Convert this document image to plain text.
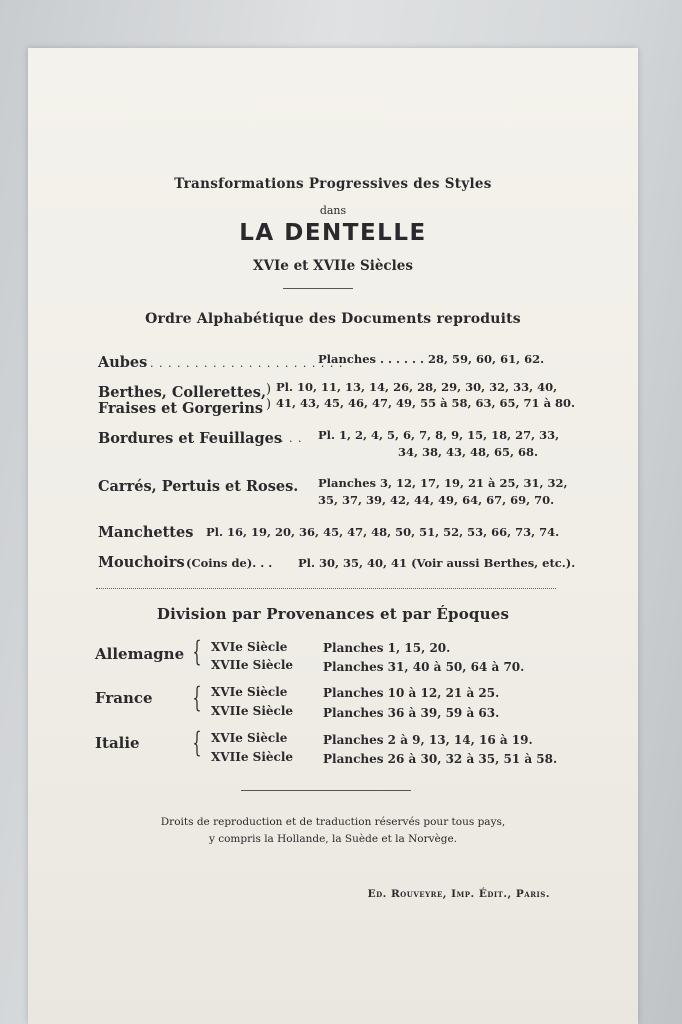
Transformations Progressives des Styles
dans
LA DENTELLE
XVIe et XVIIe Siècles
Ordre Alphabétique des Documents reproduits
Aubes . . . . . . . . . . . . . . . . . . . . . .
Planches . . . . . . 28, 59, 60, 61, 62.
Berthes, Collerettes,
Fraises et Gorgerins
)
)
Pl. 10, 11, 13, 14, 26, 28, 29, 30, 32, 33, 40,
41, 43, 45, 46, 47, 49, 55 à 58, 63, 65, 71 à 80.
Bordures et Feuillages
. . . Pl. 1, 2, 4, 5, 6, 7, 8, 9, 15, 18, 27, 33,
34, 38, 43, 48, 65, 68.
Carrés, Pertuis et Roses. Planches 3, 12, 17, 19, 21 à 25, 31, 32,
35, 37, 39, 42, 44, 49, 64, 67, 69, 70.
Manchettes Pl. 16, 19, 20, 36, 45, 47, 48, 50, 51, 52, 53, 66, 73, 74.
Mouchoirs (Coins de). . . Pl. 30, 35, 40, 41 (Voir aussi Berthes, etc.).
Division par Provenances et par Époques
Allemagne { XVIe Siècle
XVIIe Siècle
Planches 1, 15, 20.
Planches 31, 40 à 50, 64 à 70.
France { XVIe Siècle
XVIIe Siècle
Planches 10 à 12, 21 à 25.
Planches 36 à 39, 59 à 63.
Italie { XVIe Siècle
XVIIe Siècle
Planches 2 à 9, 13, 14, 16 à 19.
Planches 26 à 30, 32 à 35, 51 à 58.
Droits de reproduction et de traduction réservés pour tous pays,
y compris la Hollande, la Suède et la Norvège.
Ed. Rouveyre, Imp. Édit., Paris.
